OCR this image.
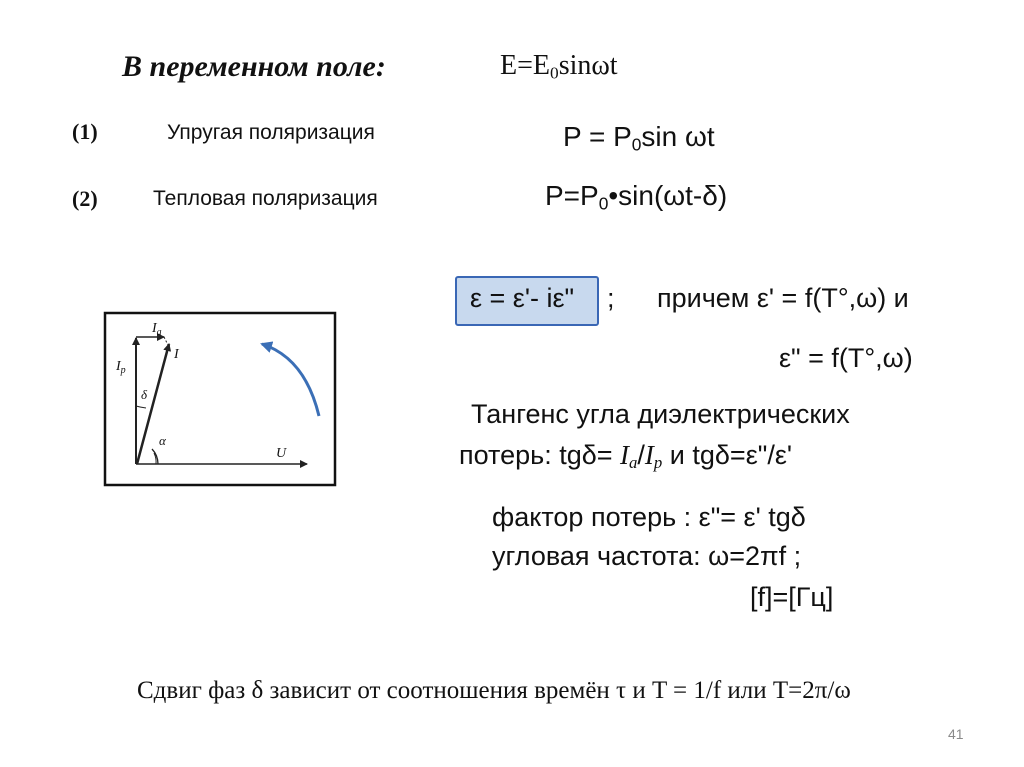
В переменном поле:	$E=E_0\sin\omega t$
(1)	Упругая поляризация	$P = P_0\sin$ ωt
(2)	Тепловая поляризация	$P=P_0•\sin(\omega t-\delta)$
ε = ε'- iε" ; причем ε' = f(T°,ω) и
ε" = f(T°,ω)
Тангенс угла диэлектрических
потерь: $tg\delta= I_a/I_p$ и tgδ=ε"/ε'
фактор потерь : ε"= ε' tgδ
угловая частота: ω=2πf ;
[f]=[Гц]
$I_a$
I
$I_p$
δ
α
U
Сдвиг фаз δ зависит от соотношения времён τ и T = 1/f или T=2π/ω
41
